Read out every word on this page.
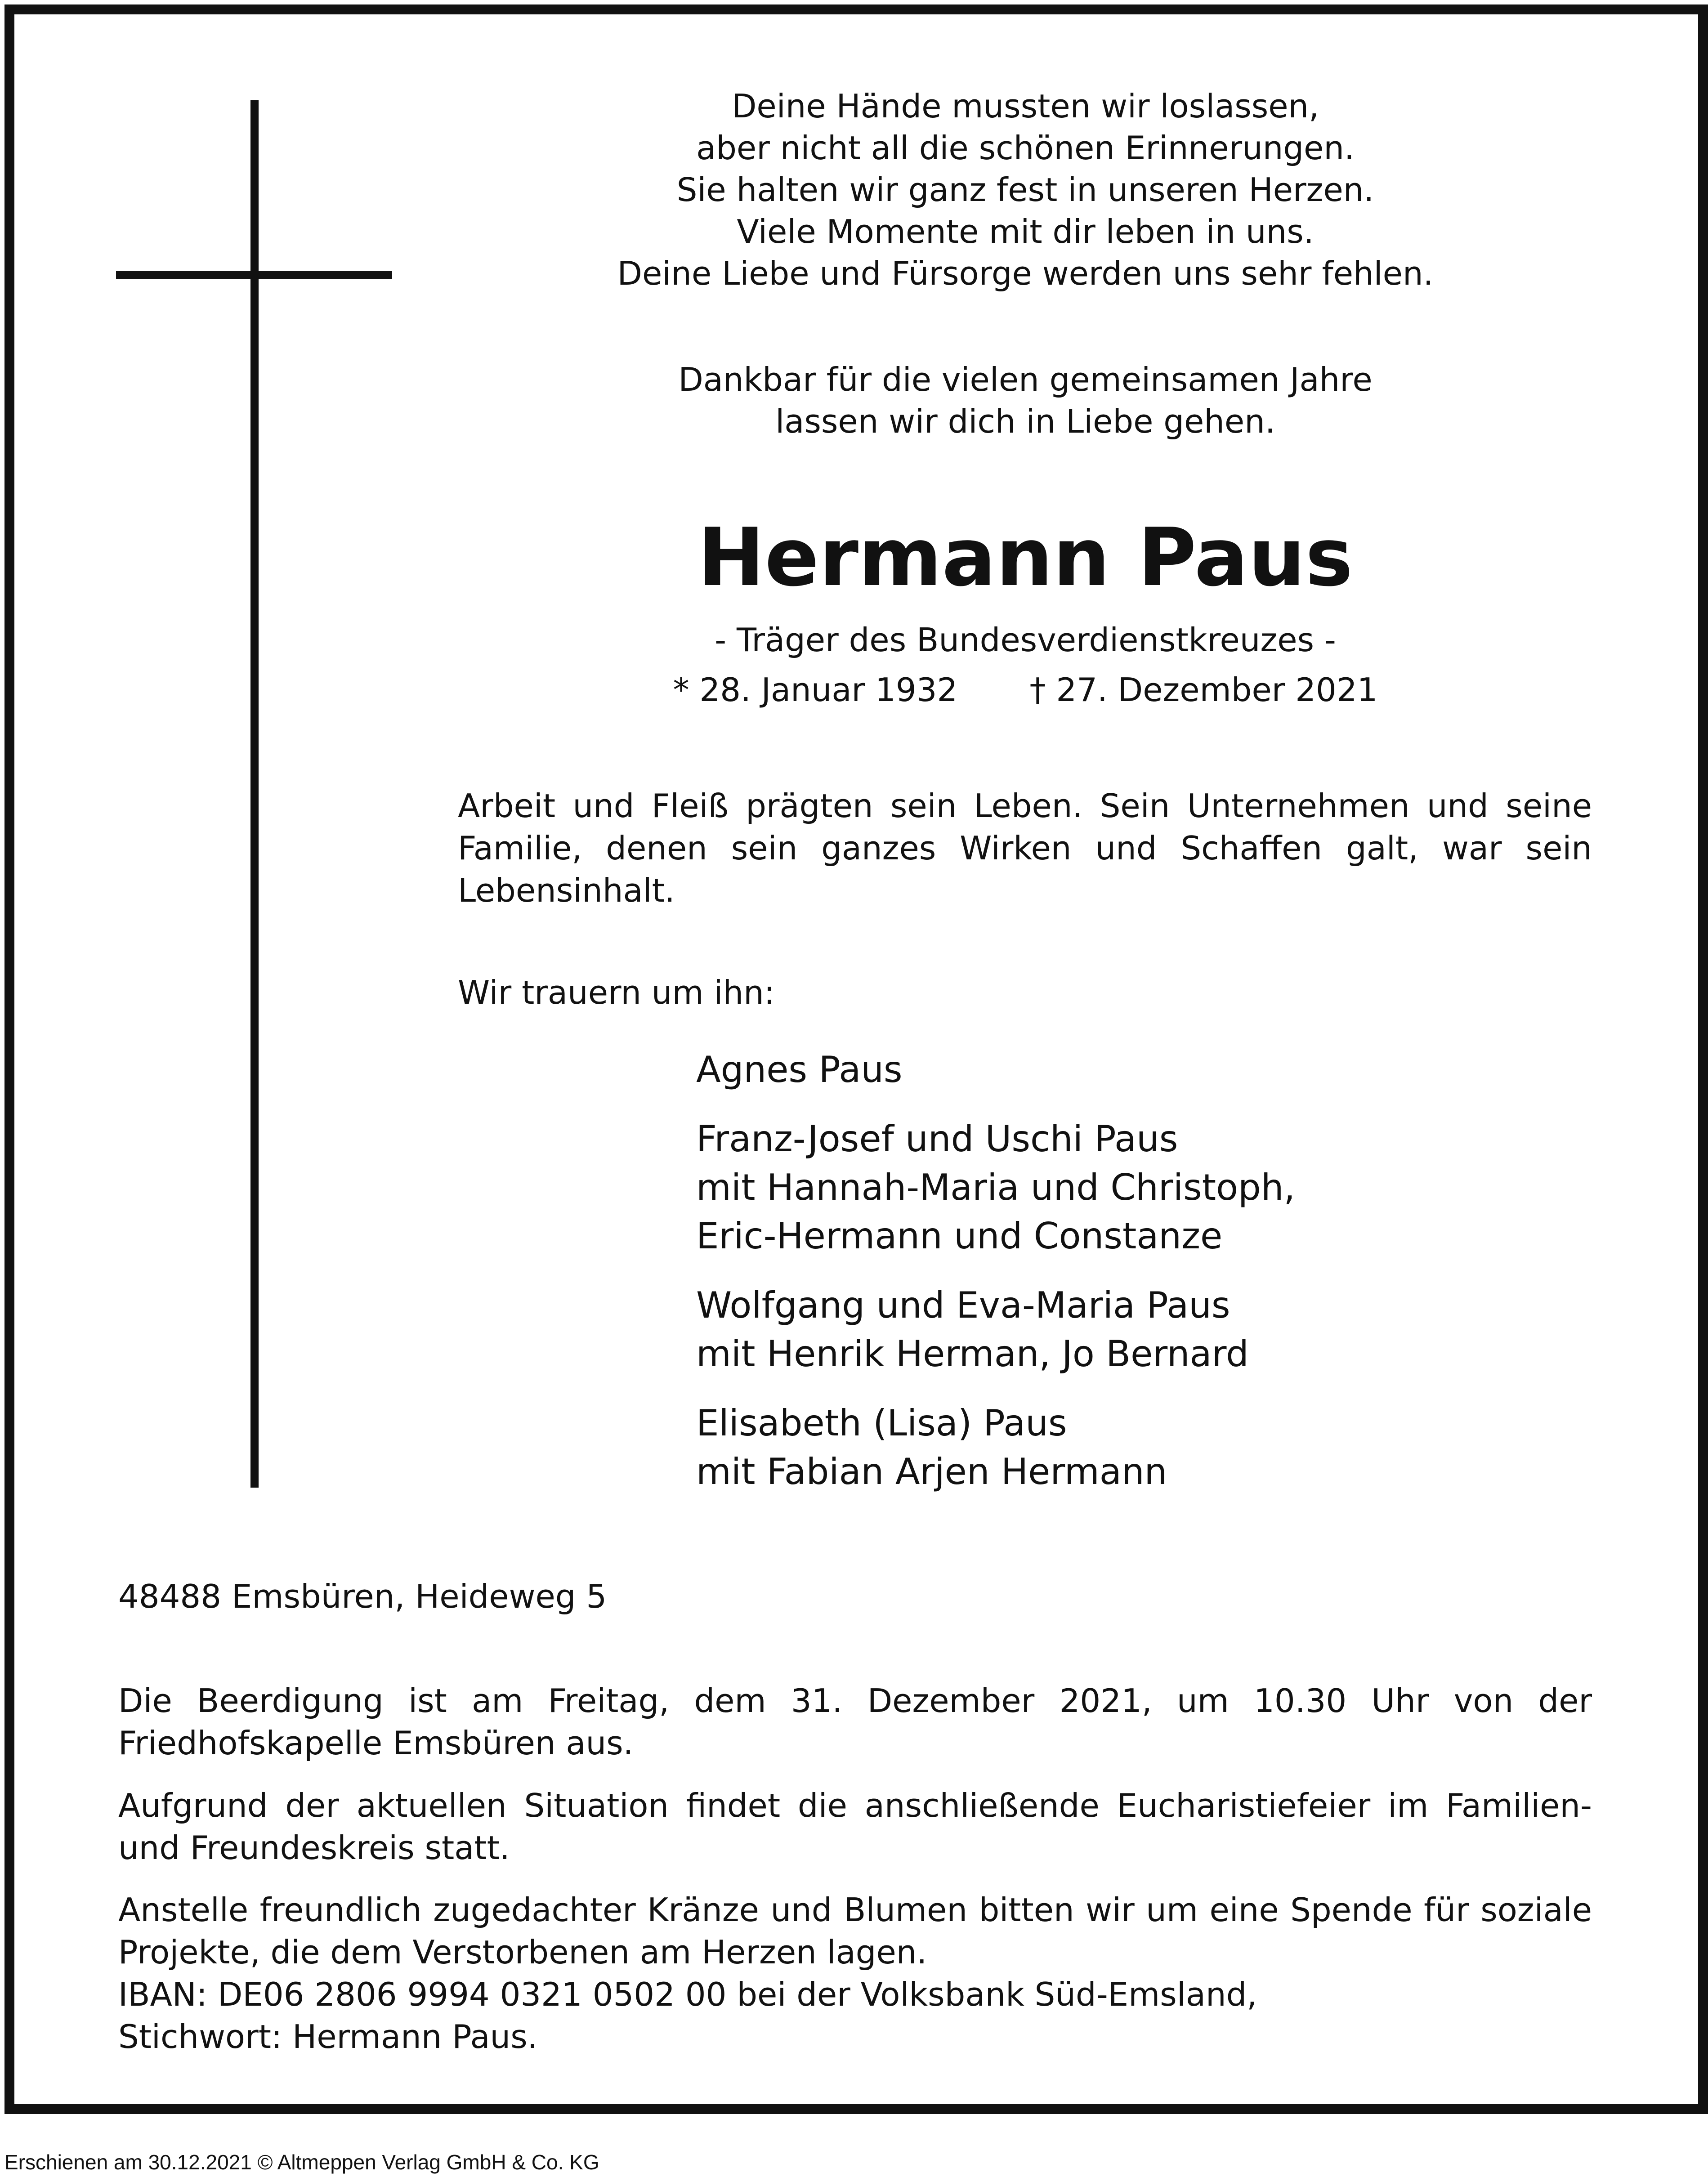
Deine Hände mussten wir loslassen,
aber nicht all die schönen Erinnerungen.
Sie halten wir ganz fest in unseren Herzen.
Viele Momente mit dir leben in uns.
Deine Liebe und Fürsorge werden uns sehr fehlen.
Dankbar für die vielen gemeinsamen Jahre
lassen wir dich in Liebe gehen.
Hermann Paus
- Träger des Bundesverdienstkreuzes -
* 28. Januar 1932 † 27. Dezember 2021
Arbeit und Fleiß prägten sein Leben. Sein Unternehmen und seine Familie, denen sein ganzes Wirken und Schaffen galt, war sein Lebensinhalt.
Wir trauern um ihn:
Agnes Paus
Franz-Josef und Uschi Paus
mit Hannah-Maria und Christoph,
Eric-Hermann und Constanze
Wolfgang und Eva-Maria Paus
mit Henrik Herman, Jo Bernard
Elisabeth (Lisa) Paus
mit Fabian Arjen Hermann
48488 Emsbüren, Heideweg 5
Die Beerdigung ist am Freitag, dem 31. Dezember 2021, um 10.30 Uhr von der Friedhofskapelle Emsbüren aus.
Aufgrund der aktuellen Situation findet die anschließende Eucharistiefeier im Familien- und Freundeskreis statt.
Anstelle freundlich zugedachter Kränze und Blumen bitten wir um eine Spende für soziale Projekte, die dem Verstorbenen am Herzen lagen.
IBAN: DE06 2806 9994 0321 0502 00 bei der Volksbank Süd-Emsland,
Stichwort: Hermann Paus.
Erschienen am 30.12.2021 © Altmeppen Verlag GmbH & Co. KG
